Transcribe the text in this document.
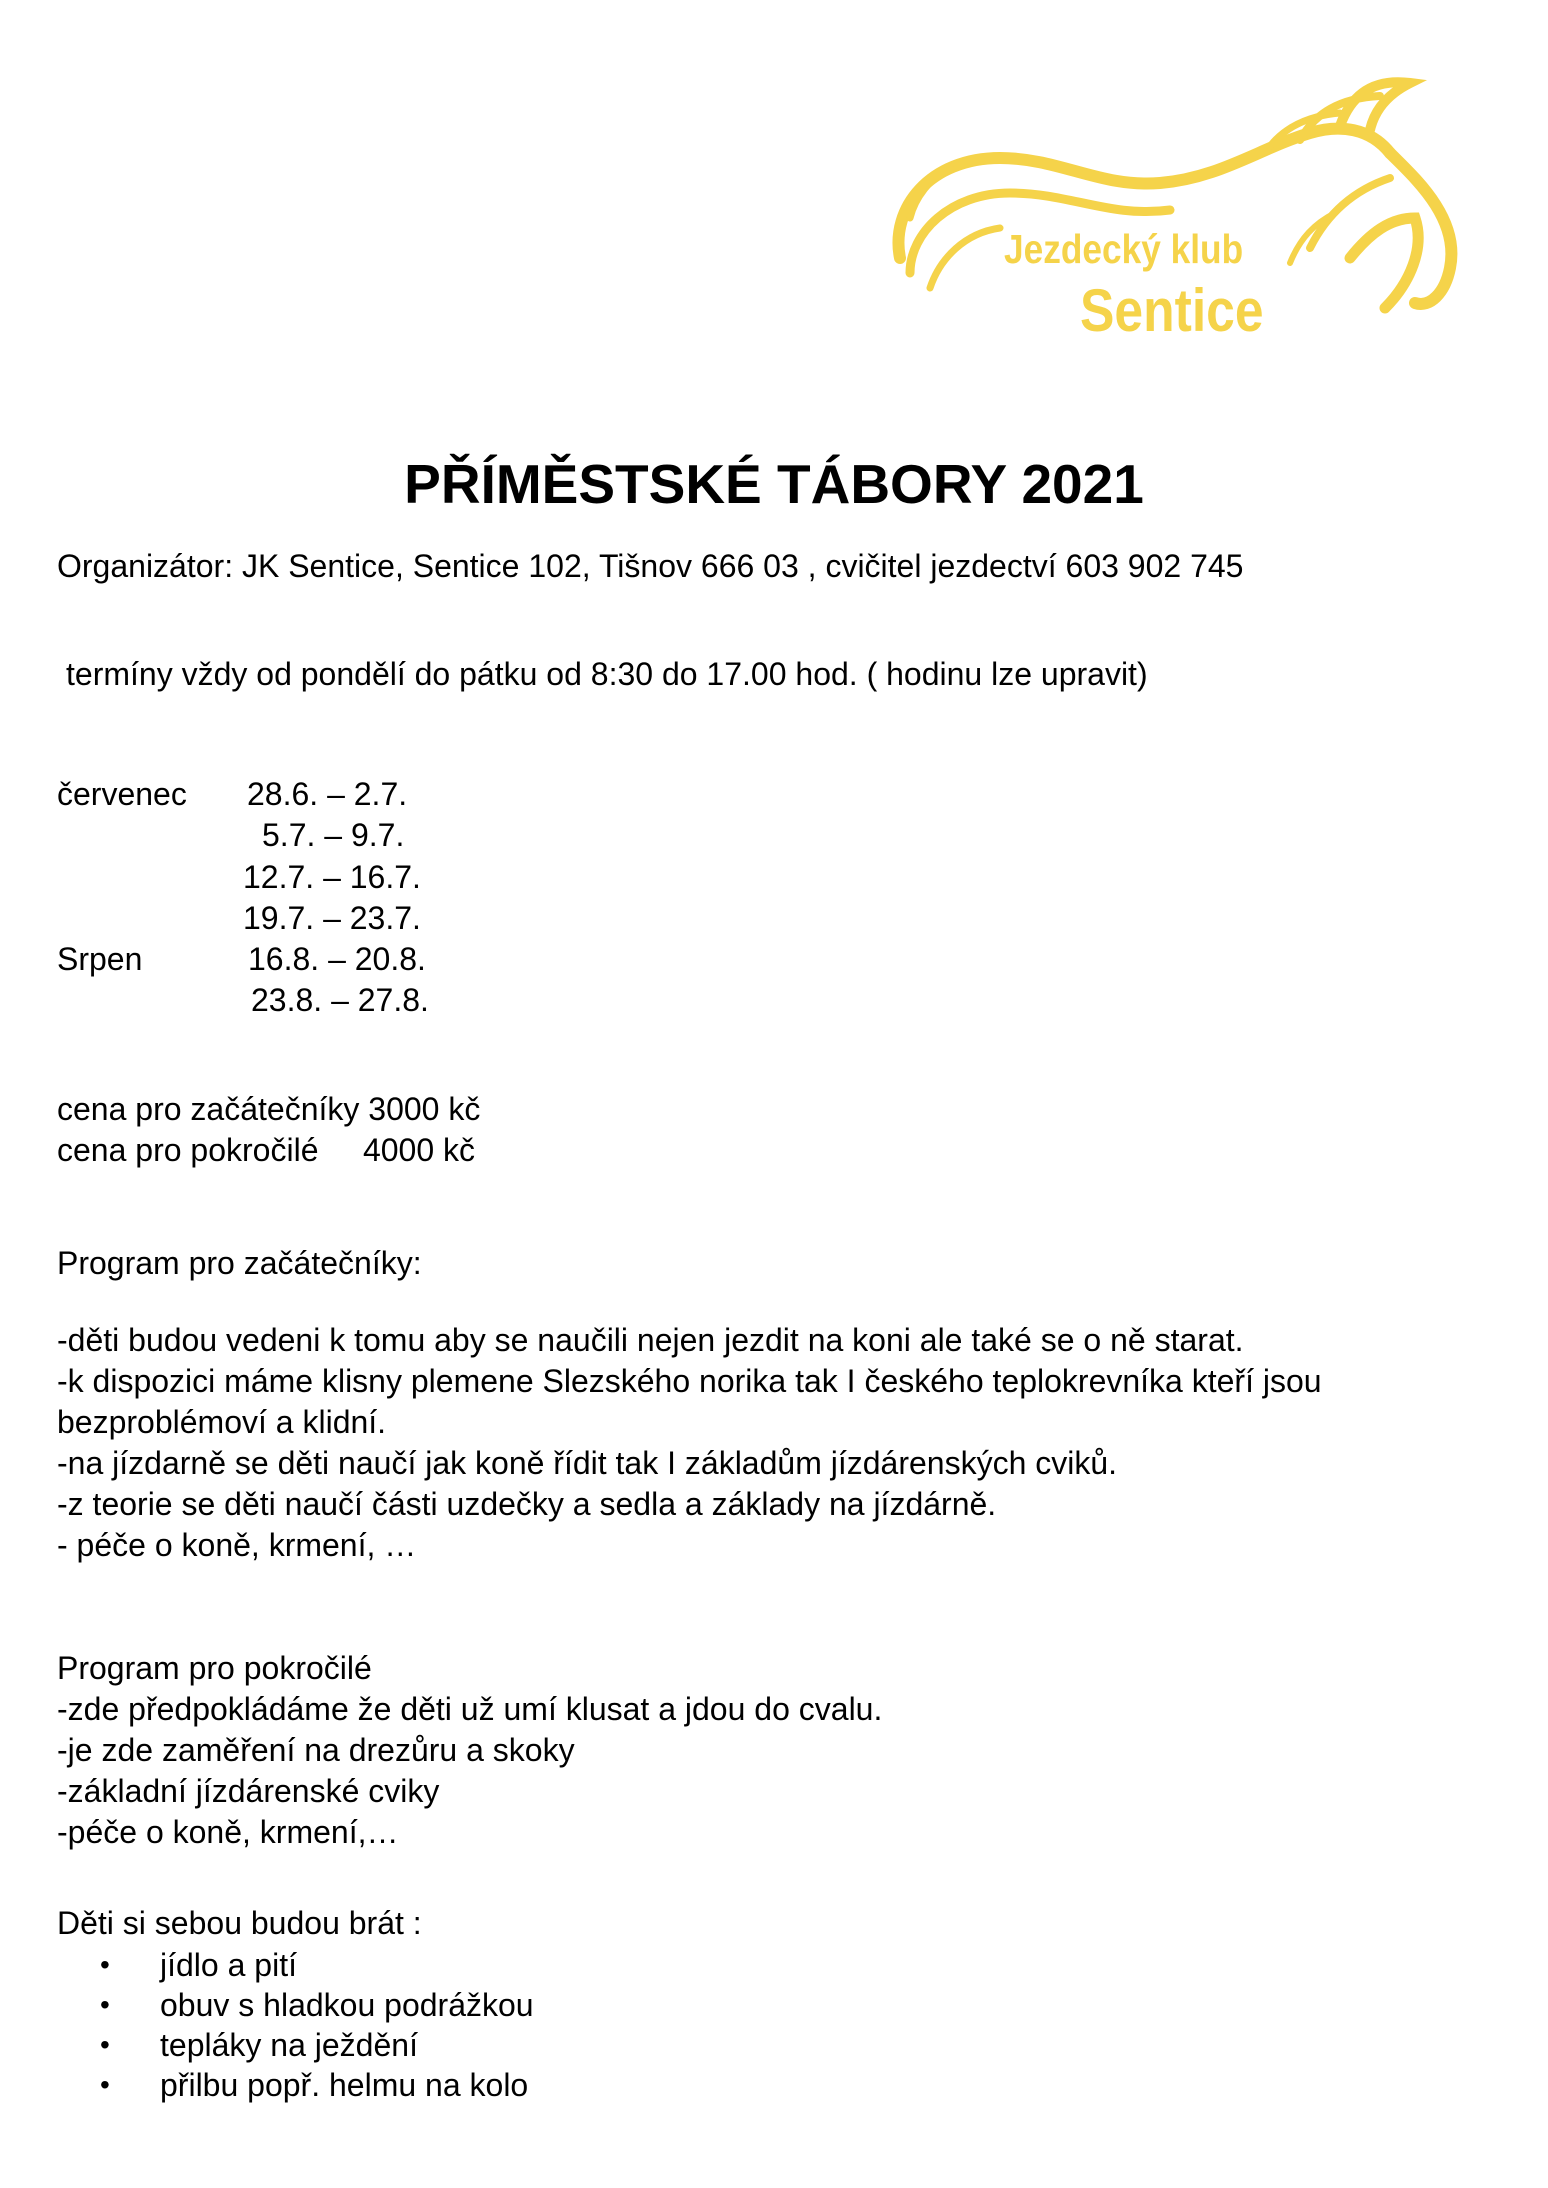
Jezdecký klub
Sentice
PŘÍMĚSTSKÉ TÁBORY 2021
Organizátor: JK Sentice, Sentice 102, Tišnov 666 03 , cvičitel jezdectví 603 902 745
termíny vždy od pondělí do pátku od 8:30 do 17.00 hod. ( hodinu lze upravit)
červenec
Srpen
28.6. – 2.7.
5.7. – 9.7.
12.7. – 16.7.
19.7. – 23.7.
16.8. – 20.8.
23.8. – 27.8.
cena pro začátečníky 3000 kč
cena pro pokročilé     4000 kč
Program pro začátečníky:
-děti budou vedeni k tomu aby se naučili nejen jezdit na koni ale také se o ně starat.
-k dispozici máme klisny plemene Slezského norika tak I českého teplokrevníka kteří jsou
bezproblémoví a klidní.
-na jízdarně se děti naučí jak koně řídit tak I základům jízdárenských cviků.
-z teorie se děti naučí části uzdečky a sedla a základy na jízdárně.
- péče o koně, krmení, …
Program pro pokročilé
-zde předpokládáme že děti už umí klusat a jdou do cvalu.
-je zde zaměření na drezůru a skoky
-základní jízdárenské cviky
-péče o koně, krmení,…
Děti si sebou budou brát :
• jídlo a pití
• obuv s hladkou podrážkou
• tepláky na ježdění
• přilbu popř. helmu na kolo
